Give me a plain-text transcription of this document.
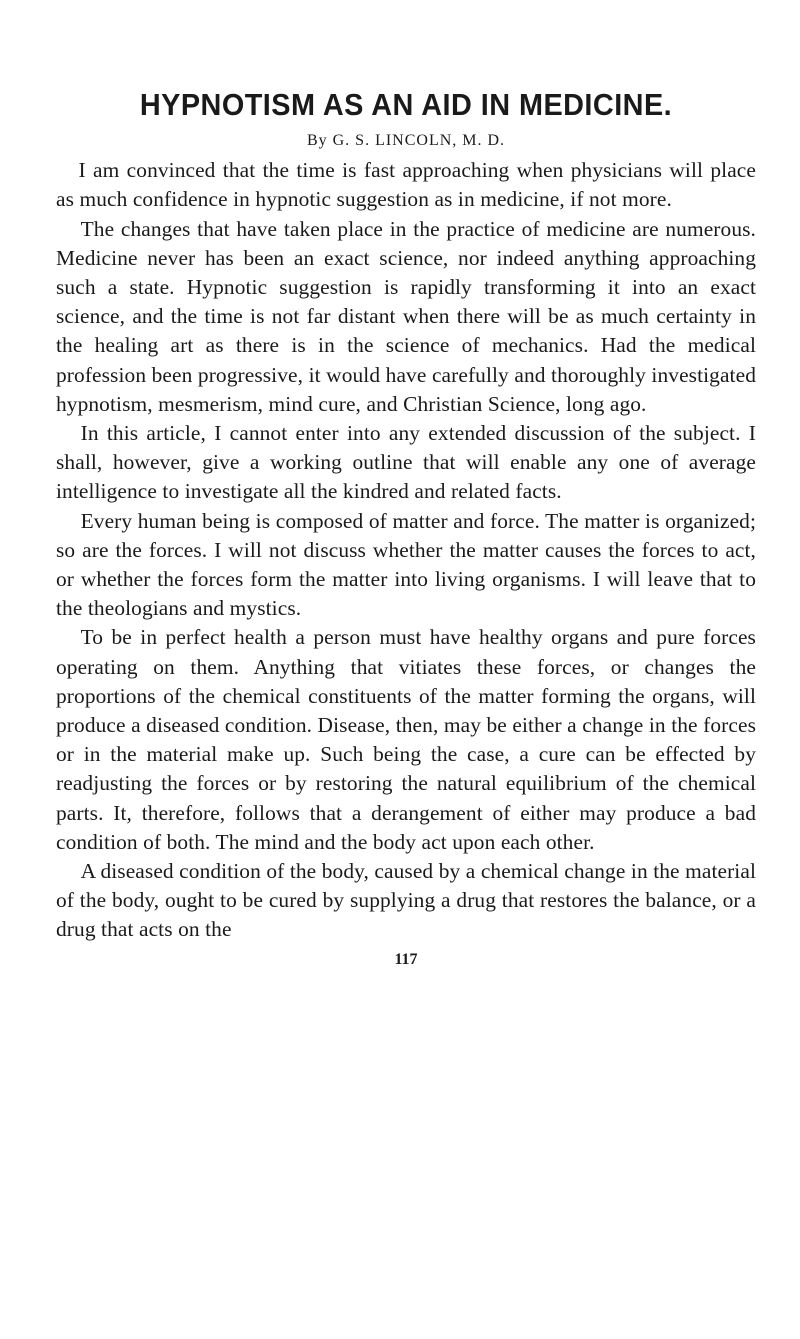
HYPNOTISM AS AN AID IN MEDICINE.
By G. S. LINCOLN, M. D.

I am convinced that the time is fast approaching when physicians will place as much confidence in hypnotic suggestion as in medicine, if not more.

The changes that have taken place in the practice of medicine are numerous. Medicine never has been an exact science, nor indeed anything approaching such a state. Hypnotic suggestion is rapidly transforming it into an exact science, and the time is not far distant when there will be as much certainty in the healing art as there is in the science of mechanics. Had the medical profession been progressive, it would have carefully and thoroughly investigated hypnotism, mesmerism, mind cure, and Christian Science, long ago.

In this article, I cannot enter into any extended discussion of the subject. I shall, however, give a working outline that will enable any one of average intelligence to investigate all the kindred and related facts.

Every human being is composed of matter and force. The matter is organized; so are the forces. I will not discuss whether the matter causes the forces to act, or whether the forces form the matter into living organisms. I will leave that to the theologians and mystics.

To be in perfect health a person must have healthy organs and pure forces operating on them. Anything that vitiates these forces, or changes the proportions of the chemical constituents of the matter forming the organs, will produce a diseased condition. Disease, then, may be either a change in the forces or in the material make up. Such being the case, a cure can be effected by readjusting the forces or by restoring the natural equilibrium of the chemical parts. It, therefore, follows that a derangement of either may produce a bad condition of both. The mind and the body act upon each other.

A diseased condition of the body, caused by a chemical change in the material of the body, ought to be cured by supplying a drug that restores the balance, or a drug that acts on the

117
